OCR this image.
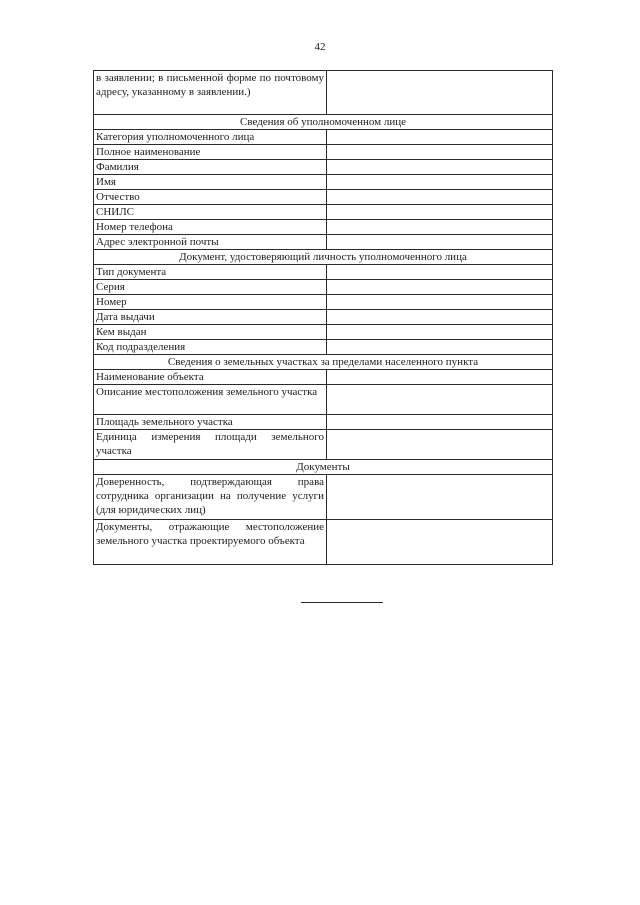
42
в заявлении; в письменной форме по почтовому адресу, указанному в заявлении.)	
Сведения об уполномоченном лице	
Категория уполномоченного лица	
Полное наименование	
Фамилия	
Имя	
Отчество	
СНИЛС	
Номер телефона	
Адрес электронной почты	
Документ, удостоверяющий личность уполномоченного лица	
Тип документа	
Серия	
Номер	
Дата выдачи	
Кем выдан	
Код подразделения	
Сведения о земельных участках за пределами населенного пункта	
Наименование объекта	
Описание местоположения земельного участка	
Площадь земельного участка	
Единица измерения площади земельного участка	
Документы	
Доверенность, подтверждающая права сотрудника организации на получение услуги (для юридических лиц)	
Документы, отражающие местоположение земельного участка проектируемого объекта	
